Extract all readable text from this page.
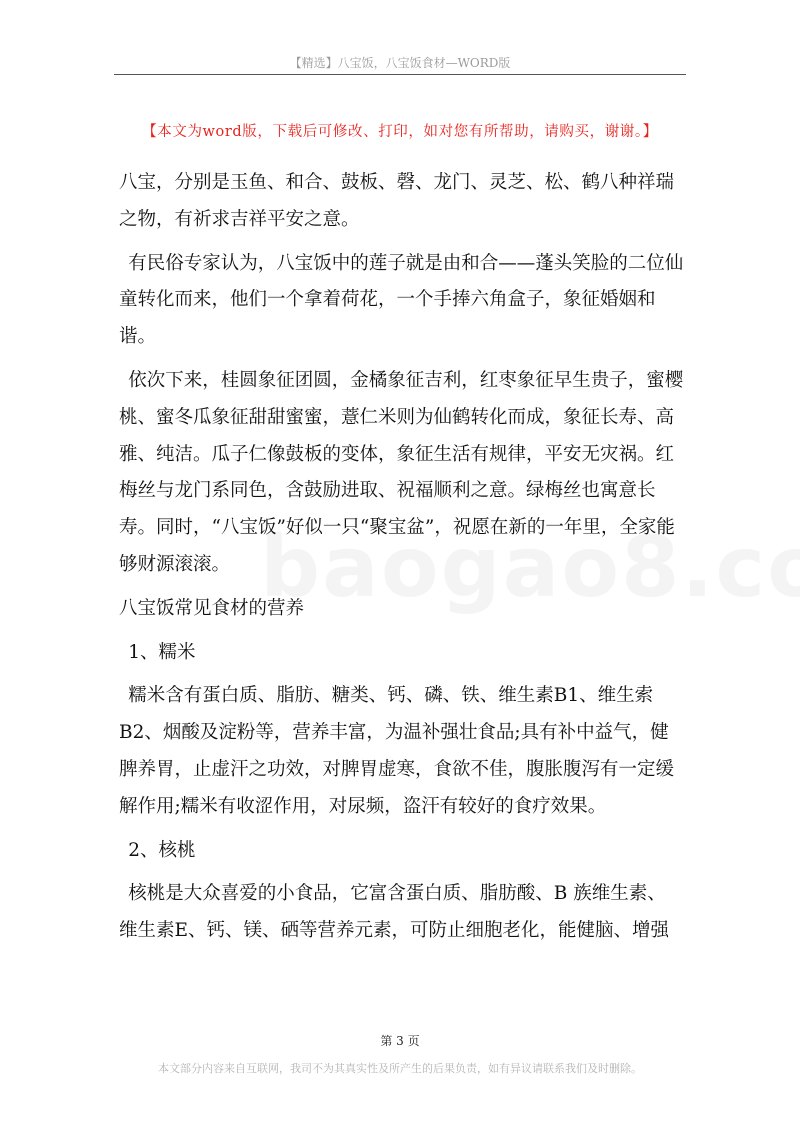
【精选】八宝饭，八宝饭食材—WORD版
【本文为word版，下载后可修改、打印，如对您有所帮助，请购买，谢谢。】

八宝，分别是玉鱼、和合、鼓板、磬、龙门、灵芝、松、鹤八种祥瑞之物，有祈求吉祥平安之意。

有民俗专家认为，八宝饭中的莲子就是由和合——蓬头笑脸的二位仙童转化而来，他们一个拿着荷花，一个手捧六角盒子，象征婚姻和谐。

依次下来，桂圆象征团圆，金橘象征吉利，红枣象征早生贵子，蜜樱桃、蜜冬瓜象征甜甜蜜蜜，薏仁米则为仙鹤转化而成，象征长寿、高雅、纯洁。瓜子仁像鼓板的变体，象征生活有规律，平安无灾祸。红梅丝与龙门系同色，含鼓励进取、祝福顺利之意。绿梅丝也寓意长寿。同时，“八宝饭”好似一只“聚宝盆”，祝愿在新的一年里，全家能够财源滚滚。

八宝饭常见食材的营养

1、糯米

糯米含有蛋白质、脂肪、糖类、钙、磷、铁、维生素B1、维生索B2、烟酸及淀粉等，营养丰富，为温补强壮食品;具有补中益气，健脾养胃，止虚汗之功效，对脾胃虚寒，食欲不佳，腹胀腹泻有一定缓解作用;糯米有收涩作用，对尿频，盗汗有较好的食疗效果。

2、核桃

核桃是大众喜爱的小食品，它富含蛋白质、脂肪酸、B 族维生素、维生素E、钙、镁、硒等营养元素，可防止细胞老化，能健脑、增强

第 3 页
本文部分内容来自互联网，我司不为其真实性及所产生的后果负责，如有异议请联系我们及时删除。
